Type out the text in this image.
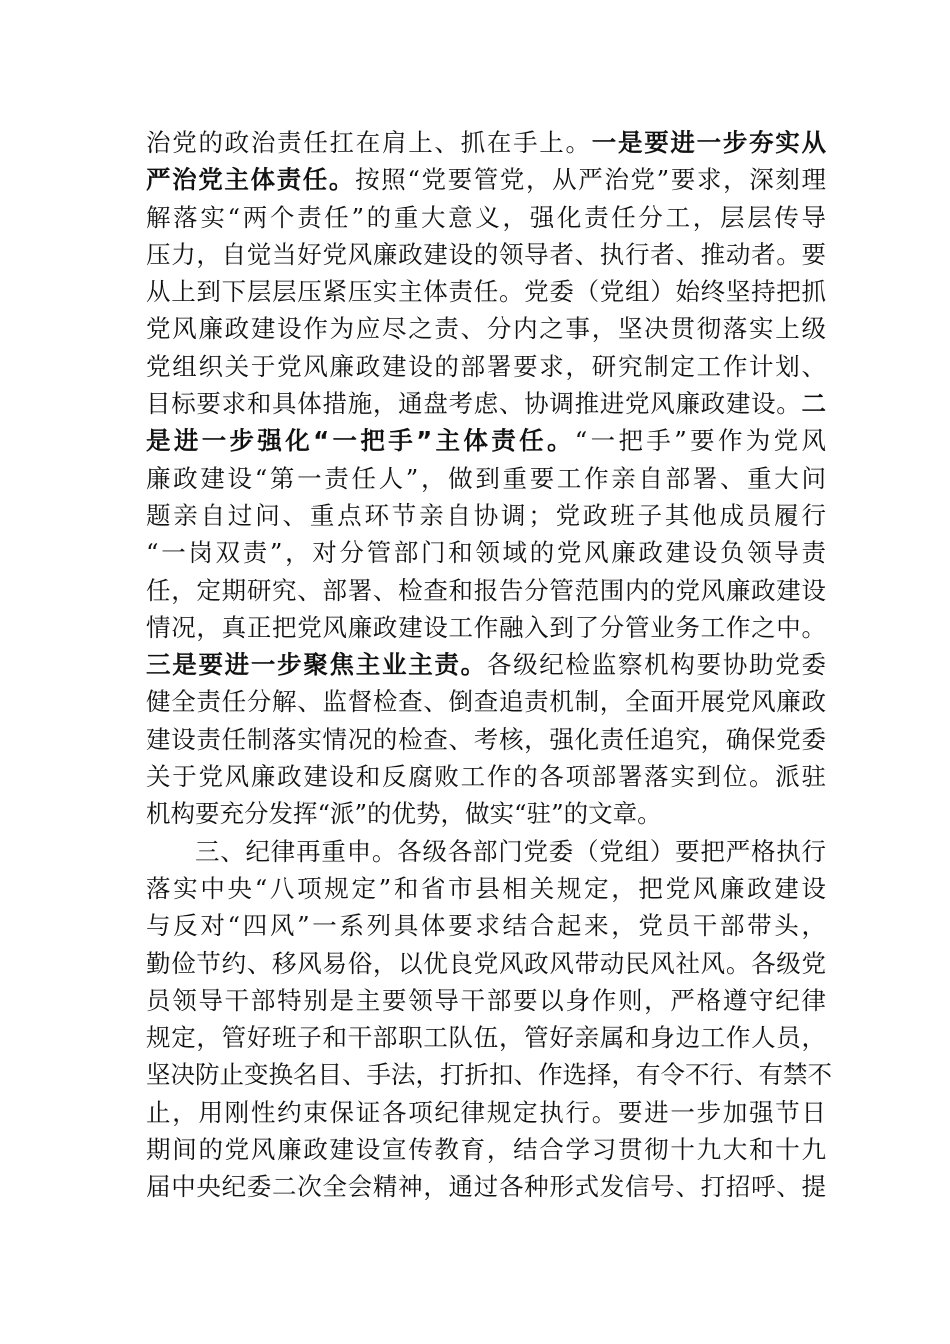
治党的政治责任扛在肩上、抓在手上。一是要进一步夯实从
严治党主体责任。按照“党要管党，从严治党”要求，深刻理
解落实“两个责任”的重大意义，强化责任分工，层层传导
压力，自觉当好党风廉政建设的领导者、执行者、推动者。要
从上到下层层压紧压实主体责任。党委（党组）始终坚持把抓
党风廉政建设作为应尽之责、分内之事，坚决贯彻落实上级
党组织关于党风廉政建设的部署要求，研究制定工作计划、
目标要求和具体措施，通盘考虑、协调推进党风廉政建设。二
是进一步强化“一把手”主体责任。“一把手”要作为党风
廉政建设“第一责任人”，做到重要工作亲自部署、重大问
题亲自过问、重点环节亲自协调；党政班子其他成员履行
“一岗双责”，对分管部门和领域的党风廉政建设负领导责
任，定期研究、部署、检查和报告分管范围内的党风廉政建设
情况，真正把党风廉政建设工作融入到了分管业务工作之中。
三是要进一步聚焦主业主责。各级纪检监察机构要协助党委
健全责任分解、监督检查、倒查追责机制，全面开展党风廉政
建设责任制落实情况的检查、考核，强化责任追究，确保党委
关于党风廉政建设和反腐败工作的各项部署落实到位。派驻
机构要充分发挥“派”的优势，做实“驻”的文章。
三、纪律再重申。各级各部门党委（党组）要把严格执行
落实中央“八项规定”和省市县相关规定，把党风廉政建设
与反对“四风”一系列具体要求结合起来，党员干部带头，
勤俭节约、移风易俗，以优良党风政风带动民风社风。各级党
员领导干部特别是主要领导干部要以身作则，严格遵守纪律
规定，管好班子和干部职工队伍，管好亲属和身边工作人员，
坚决防止变换名目、手法，打折扣、作选择，有令不行、有禁不
止，用刚性约束保证各项纪律规定执行。要进一步加强节日
期间的党风廉政建设宣传教育，结合学习贯彻十九大和十九
届中央纪委二次全会精神，通过各种形式发信号、打招呼、提
